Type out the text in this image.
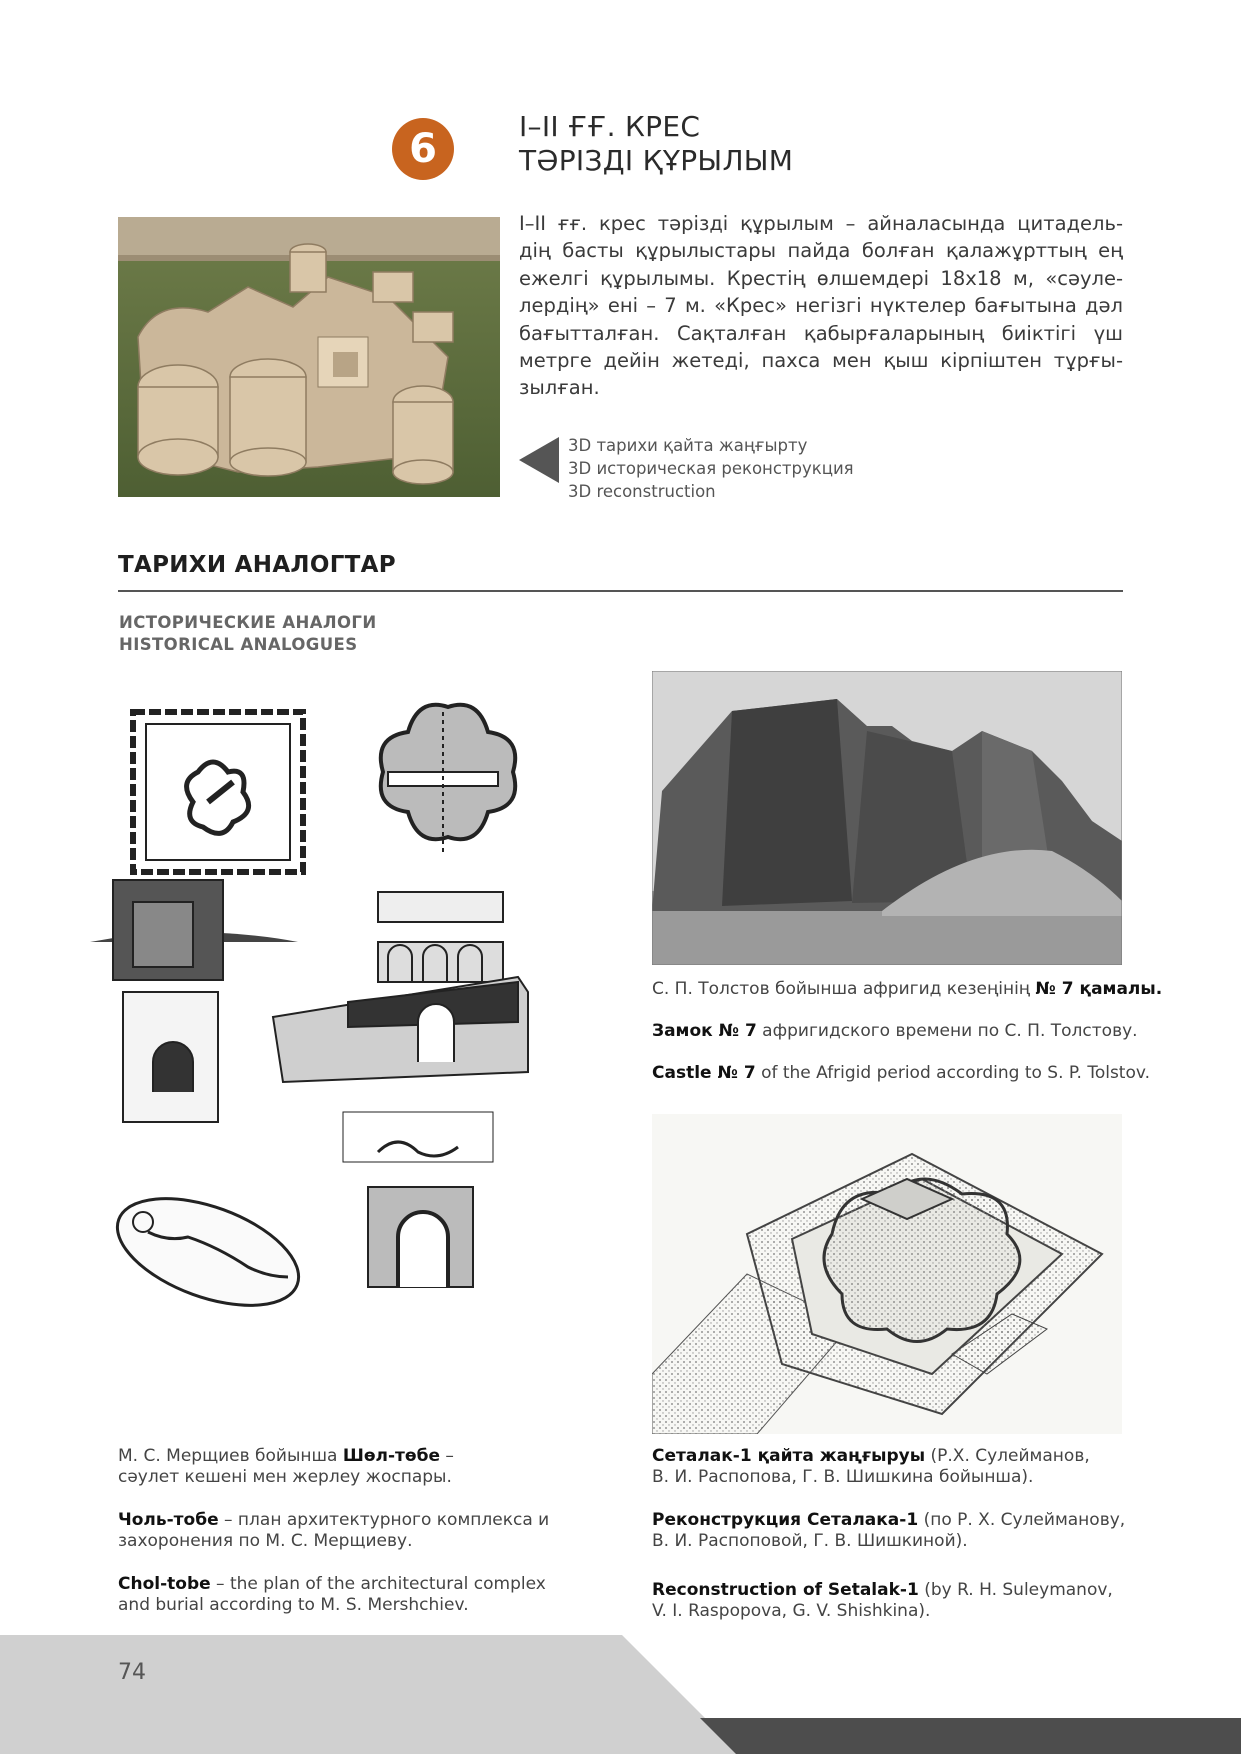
6	I–II ҒҒ. КРЕС
ТӘРІЗДІ ҚҰРЫЛЫМ
I–II ғғ. крес тәрізді құрылым – айналасында цитадель-
дің басты құрылыстары пайда болған қалажұрттың ең
ежелгі құрылымы. Крестің өлшемдері 18х18 м, «сәуле-
лердің» ені – 7 м. «Крес» негізгі нүктелер бағытына дәл
бағытталған. Сақталған қабырғаларының биіктігі үш
метрге дейін жетеді, пахса мен қыш кірпіштен тұрғы-
зылған.
3D тарихи қайта жаңғырту
3D историческая реконструкция
3D reconstruction
ТАРИХИ АНАЛОГТАР
ИСТОРИЧЕСКИЕ АНАЛОГИ
HISTORICAL ANALOGUES
С. П. Толстов бойынша афригид кезеңінің № 7 қамалы.
Замок № 7 афригидского времени по С. П. Толстову.
Castle № 7 of the Afrigid period according to S. P. Tolstov.
М. С. Мерщиев бойынша Шөл-төбе –
сәулет кешені мен жерлеу жоспары.
Чоль-тобе – план архитектурного комплекса и
захоронения по М. С. Мерщиеву.
Chol-tobe – the plan of the architectural complex
and burial according to M. S. Mershchiev.
Сеталак-1 қайта жаңғыруы (Р.Х. Сулейманов,
В. И. Распопова, Г. В. Шишкина бойынша).
Реконструкция Сеталака-1 (по Р. Х. Сулейманову,
В. И. Распоповой, Г. В. Шишкиной).
Reconstruction of Setalak-1 (by R. H. Suleymanov,
V. I. Raspopova, G. V. Shishkina).
74
